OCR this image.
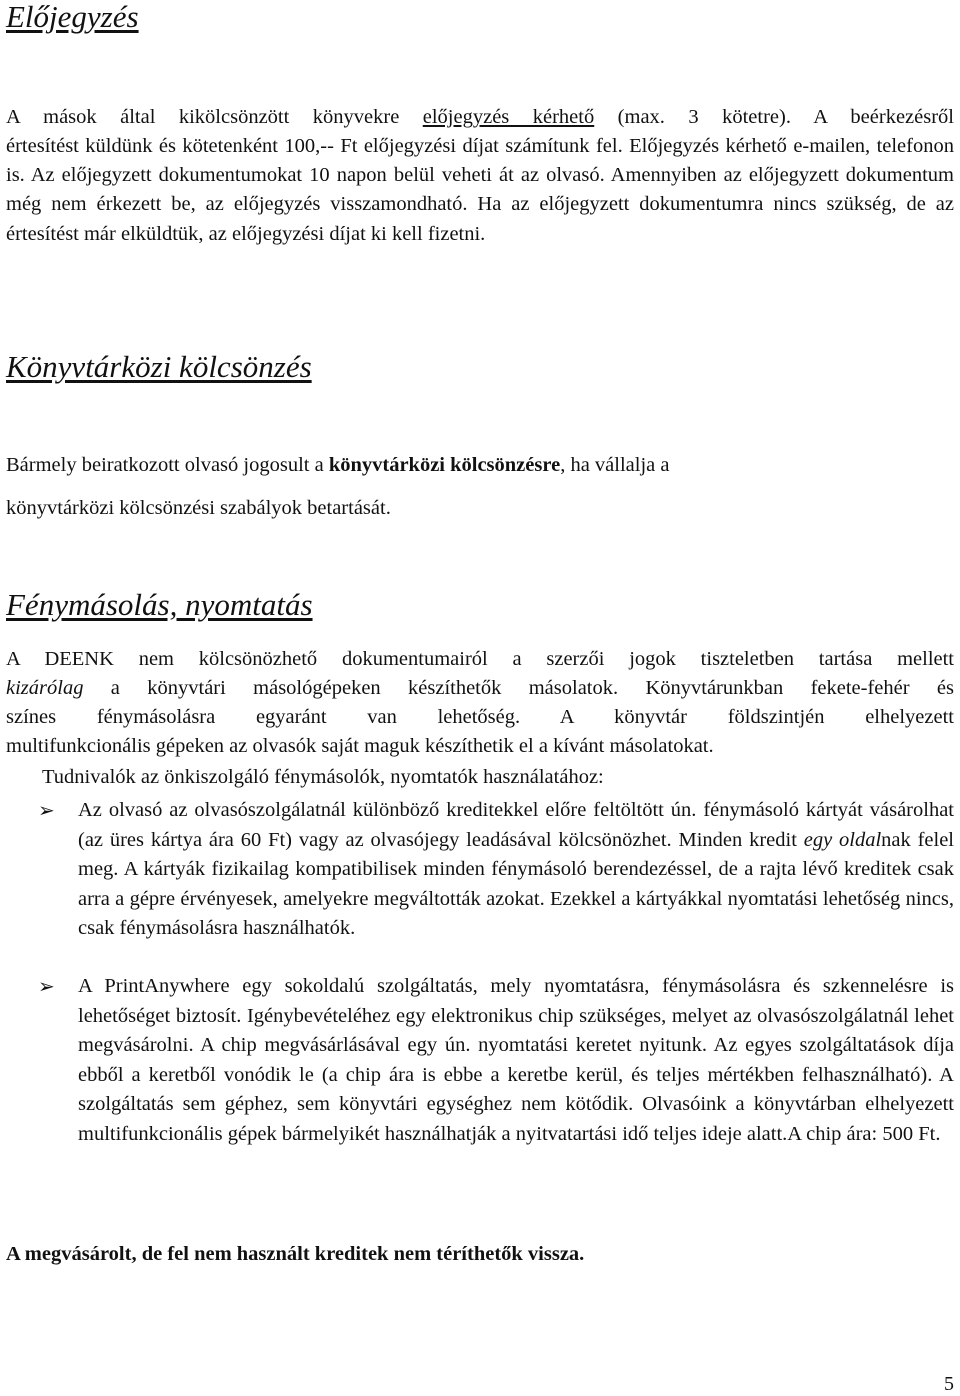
Előjegyzés

A mások által kikölcsönzött könyvekre előjegyzés kérhető (max. 3 kötetre). A beérkezésről

értesítést küldünk és kötetenként 100,-- Ft előjegyzési díjat számítunk fel. Előjegyzés kérhető e-mailen, telefonon is. Az előjegyzett dokumentumokat 10 napon belül veheti át az olvasó. Amennyiben az előjegyzett dokumentum még nem érkezett be, az előjegyzés visszamondható. Ha az előjegyzett dokumentumra nincs szükség, de az értesítést már elküldtük, az előjegyzési díjat ki kell fizetni.

Könyvtárközi kölcsönzés

Bármely beiratkozott olvasó jogosult a könyvtárközi kölcsönzésre, ha vállalja a

könyvtárközi kölcsönzési szabályok betartását.

Fénymásolás, nyomtatás

A DEENK nem kölcsönözhető dokumentumairól a szerzői jogok tiszteletben tartása mellett

kizárólag a könyvtári másológépeken készíthetők másolatok. Könyvtárunkban fekete-fehér és

színes fénymásolásra egyaránt van lehetőség. A könyvtár földszintjén elhelyezett

multifunkcionális gépeken az olvasók saját maguk készíthetik el a kívánt másolatokat.

Tudnivalók az önkiszolgáló fénymásolók, nyomtatók használatához:

➢ Az olvasó az olvasószolgálatnál különböző kreditekkel előre feltöltött ún. fénymásoló kártyát vásárolhat (az üres kártya ára 60 Ft) vagy az olvasójegy leadásával kölcsönözhet. Minden kredit egy oldalnak felel meg. A kártyák fizikailag kompatibilisek minden fénymásoló berendezéssel, de a rajta lévő kreditek csak arra a gépre érvényesek, amelyekre megváltották azokat. Ezekkel a kártyákkal nyomtatási lehetőség nincs, csak fénymásolásra használhatók.
➢ A PrintAnywhere egy sokoldalú szolgáltatás, mely nyomtatásra, fénymásolásra és szkennelésre is lehetőséget biztosít. Igénybevételéhez egy elektronikus chip szükséges, melyet az olvasószolgálatnál lehet megvásárolni. A chip megvásárlásával egy ún. nyomtatási keretet nyitunk. Az egyes szolgáltatások díja ebből a keretből vonódik le (a chip ára is ebbe a keretbe kerül, és teljes mértékben felhasználható). A szolgáltatás sem géphez, sem könyvtári egységhez nem kötődik. Olvasóink a könyvtárban elhelyezett multifunkcionális gépek bármelyikét használhatják a nyitvatartási idő teljes ideje alatt.A chip ára: 500 Ft.

A megvásárolt, de fel nem használt kreditek nem téríthetők vissza.

5
